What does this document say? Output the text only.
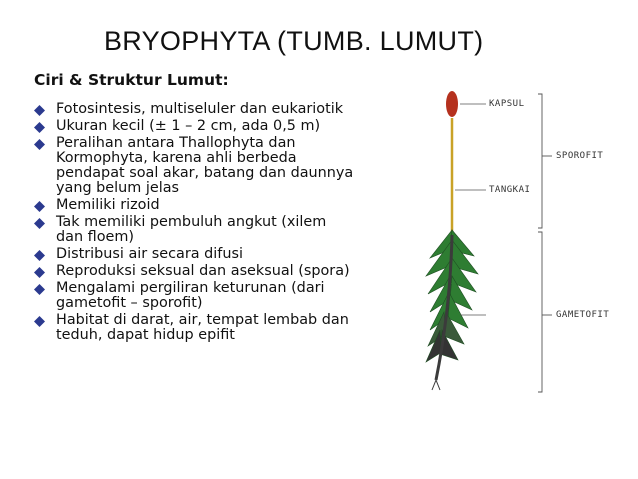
BRYOPHYTA (TUMB. LUMUT)
Ciri & Struktur Lumut:
Fotosintesis, multiseluler dan eukariotik
Ukuran kecil (± 1 – 2 cm, ada 0,5 m)
Peralihan antara Thallophyta dan
Kormophyta, karena ahli berbeda
pendapat soal akar, batang dan daunnya
yang belum jelas
Memiliki rizoid
Tak memiliki pembuluh angkut (xilem
dan floem)
Distribusi air secara difusi
Reproduksi seksual dan aseksual (spora)
Mengalami pergiliran keturunan (dari
gametofit – sporofit)
Habitat di darat, air, tempat lembab dan
teduh, dapat hidup epifit
KAPSUL
TANGKAI
SPOROFIT
GAMETOFIT
